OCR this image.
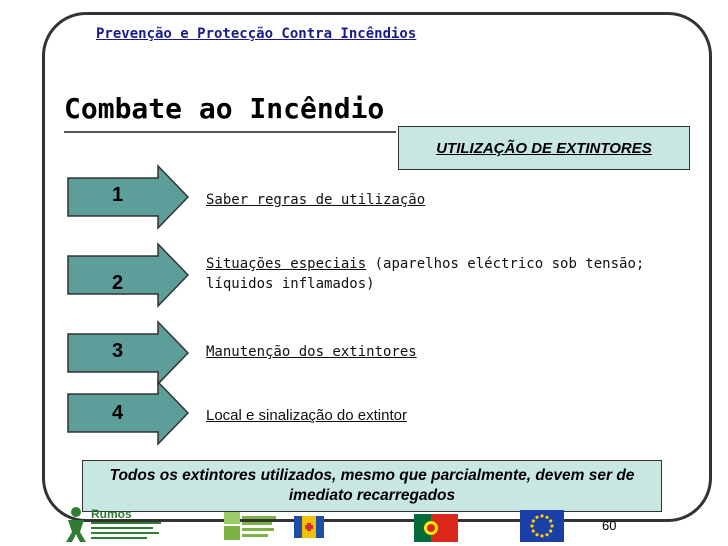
Prevenção e Protecção Contra Incêndios
Combate ao Incêndio
UTILIZAÇÃO DE EXTINTORES
1	Saber regras de utilização
2
Situações especiais (aparelhos eléctrico sob tensão; líquidos inflamados)
3	Manutenção dos extintores
4	Local e sinalização do extintor
Todos os extintores utilizados, mesmo que parcialmente, devem ser de imediato recarregados
Rumos
60
